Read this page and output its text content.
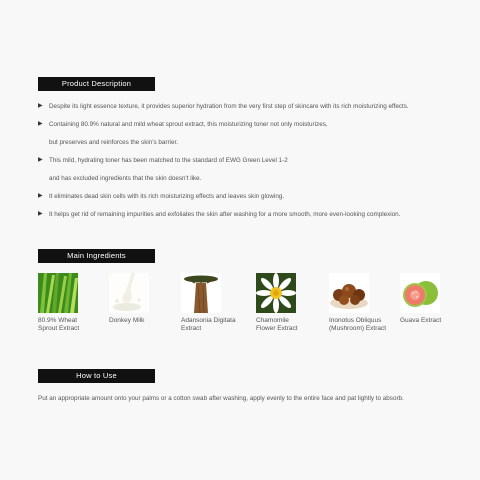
Product Description
▶ Despite its light essence texture, it provides superior hydration from the very first step of skincare with its rich moisturizing effects.
▶ Containing 80.9% natural and mild wheat sprout extract, this moisturizing toner not only moisturizes,
but preserves and reinforces the skin's barrier.
▶ This mild, hydrating toner has been matched to the standard of EWG Green Level 1-2
and has excluded ingredients that the skin doesn't like.
▶ It eliminates dead skin cells with its rich moisturizing effects and leaves skin glowing.
▶ It helps get rid of remaining impurities and exfoliates the skin after washing for a more smooth, more even-looking complexion.
Main Ingredients
80.9% Wheat
Sprout Extract
Donkey Milk	Adansonia Digitata
Extract
Chamomile
Flower Extract
Inonotus Obliquus
(Mushroom) Extract
Guava Extract
How to Use
Put an appropriate amount onto your palms or a cotton swab after washing, apply evenly to the entire face and pat lightly to absorb.
